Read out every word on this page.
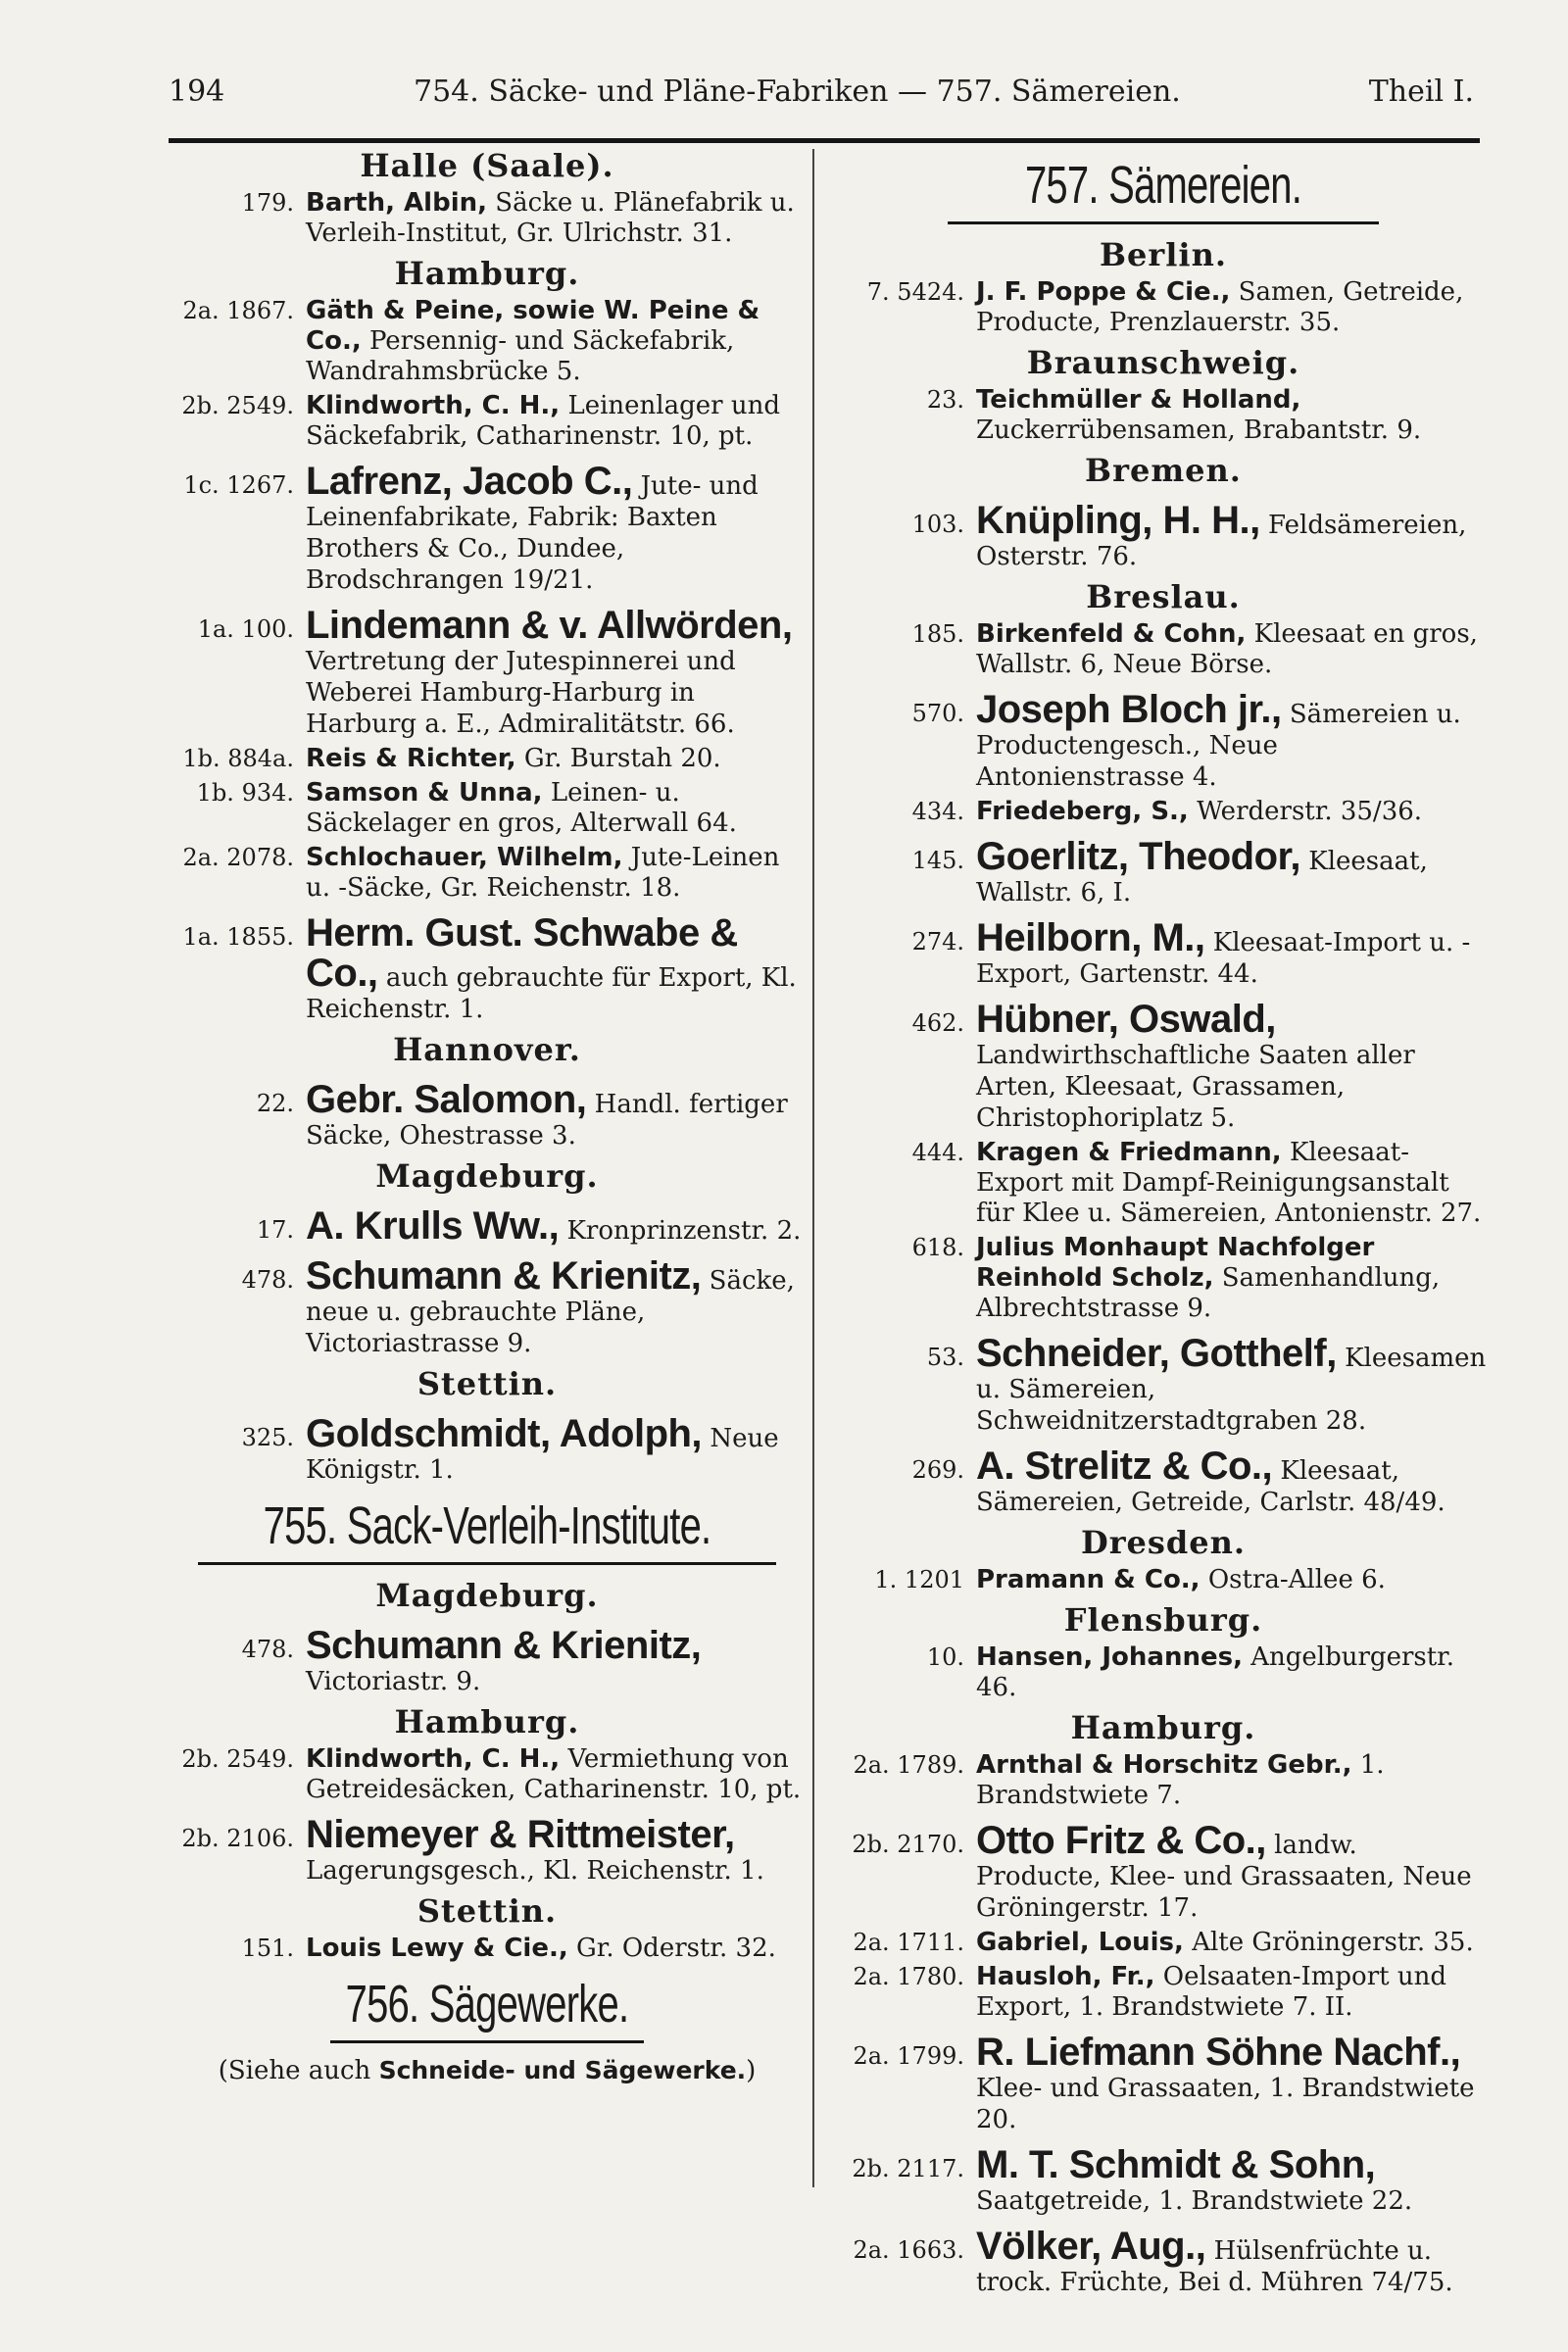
194	754. Säcke- und Pläne-Fabriken — 757. Sämereien.	Theil I.
Halle (Saale).
179. Barth, Albin, Säcke u. Plänefabrik u. Verleih-Institut, Gr. Ulrichstr. 31.
Hamburg.
2a. 1867. Gäth & Peine, sowie W. Peine & Co., Persennig- und Säckefabrik, Wandrahmsbrücke 5.
2b. 2549. Klindworth, C. H., Leinenlager und Säckefabrik, Catharinenstr. 10, pt.
1c. 1267. Lafrenz, Jacob C., Jute- und Leinenfabrikate, Fabrik: Baxten Brothers & Co., Dundee, Brodschrangen 19/21.
1a. 100. Lindemann & v. Allwörden, Vertretung der Jutespinnerei und Weberei Hamburg-Harburg in Harburg a. E., Admiralitätstr. 66.
1b. 884a. Reis & Richter, Gr. Burstah 20.
1b. 934. Samson & Unna, Leinen- u. Säckelager en gros, Alterwall 64.
2a. 2078. Schlochauer, Wilhelm, Jute-Leinen u. -Säcke, Gr. Reichenstr. 18.
1a. 1855. Herm. Gust. Schwabe & Co., auch gebrauchte für Export, Kl. Reichenstr. 1.
Hannover.
22. Gebr. Salomon, Handl. fertiger Säcke, Ohestrasse 3.
Magdeburg.
17. A. Krulls Ww., Kronprinzenstr. 2.
478. Schumann & Krienitz, Säcke, neue u. gebrauchte Pläne, Victoriastrasse 9.
Stettin.
325. Goldschmidt, Adolph, Neue Königstr. 1.
755. Sack-Verleih-Institute.
Magdeburg.
478. Schumann & Krienitz, Victoriastr. 9.
Hamburg.
2b. 2549. Klindworth, C. H., Vermiethung von Getreidesäcken, Catharinenstr. 10, pt.
2b. 2106. Niemeyer & Rittmeister, Lagerungsgesch., Kl. Reichenstr. 1.
Stettin.
151. Louis Lewy & Cie., Gr. Oderstr. 32.
756. Sägewerke.
(Siehe auch Schneide- und Sägewerke.)
757. Sämereien.
Berlin.
7. 5424. J. F. Poppe & Cie., Samen, Getreide, Producte, Prenzlauerstr. 35.
Braunschweig.
23. Teichmüller & Holland, Zuckerrübensamen, Brabantstr. 9.
Bremen.
103. Knüpling, H. H., Feldsämereien, Osterstr. 76.
Breslau.
185. Birkenfeld & Cohn, Kleesaat en gros, Wallstr. 6, Neue Börse.
570. Joseph Bloch jr., Sämereien u. Productengesch., Neue Antonienstrasse 4.
434. Friedeberg, S., Werderstr. 35/36.
145. Goerlitz, Theodor, Kleesaat, Wallstr. 6, I.
274. Heilborn, M., Kleesaat-Import u. -Export, Gartenstr. 44.
462. Hübner, Oswald, Landwirthschaftliche Saaten aller Arten, Kleesaat, Grassamen, Christophoriplatz 5.
444. Kragen & Friedmann, Kleesaat-Export mit Dampf-Reinigungsanstalt für Klee u. Sämereien, Antonienstr. 27.
618. Julius Monhaupt Nachfolger Reinhold Scholz, Samenhandlung, Albrechtstrasse 9.
53. Schneider, Gotthelf, Kleesamen u. Sämereien, Schweidnitzerstadtgraben 28.
269. A. Strelitz & Co., Kleesaat, Sämereien, Getreide, Carlstr. 48/49.
Dresden.
1. 1201 Pramann & Co., Ostra-Allee 6.
Flensburg.
10. Hansen, Johannes, Angelburgerstr. 46.
Hamburg.
2a. 1789. Arnthal & Horschitz Gebr., 1. Brandstwiete 7.
2b. 2170. Otto Fritz & Co., landw. Producte, Klee- und Grassaaten, Neue Gröningerstr. 17.
2a. 1711. Gabriel, Louis, Alte Gröningerstr. 35.
2a. 1780. Hausloh, Fr., Oelsaaten-Import und Export, 1. Brandstwiete 7. II.
2a. 1799. R. Liefmann Söhne Nachf., Klee- und Grassaaten, 1. Brandstwiete 20.
2b. 2117. M. T. Schmidt & Sohn, Saatgetreide, 1. Brandstwiete 22.
2a. 1663. Völker, Aug., Hülsenfrüchte u. trock. Früchte, Bei d. Mühren 74/75.
